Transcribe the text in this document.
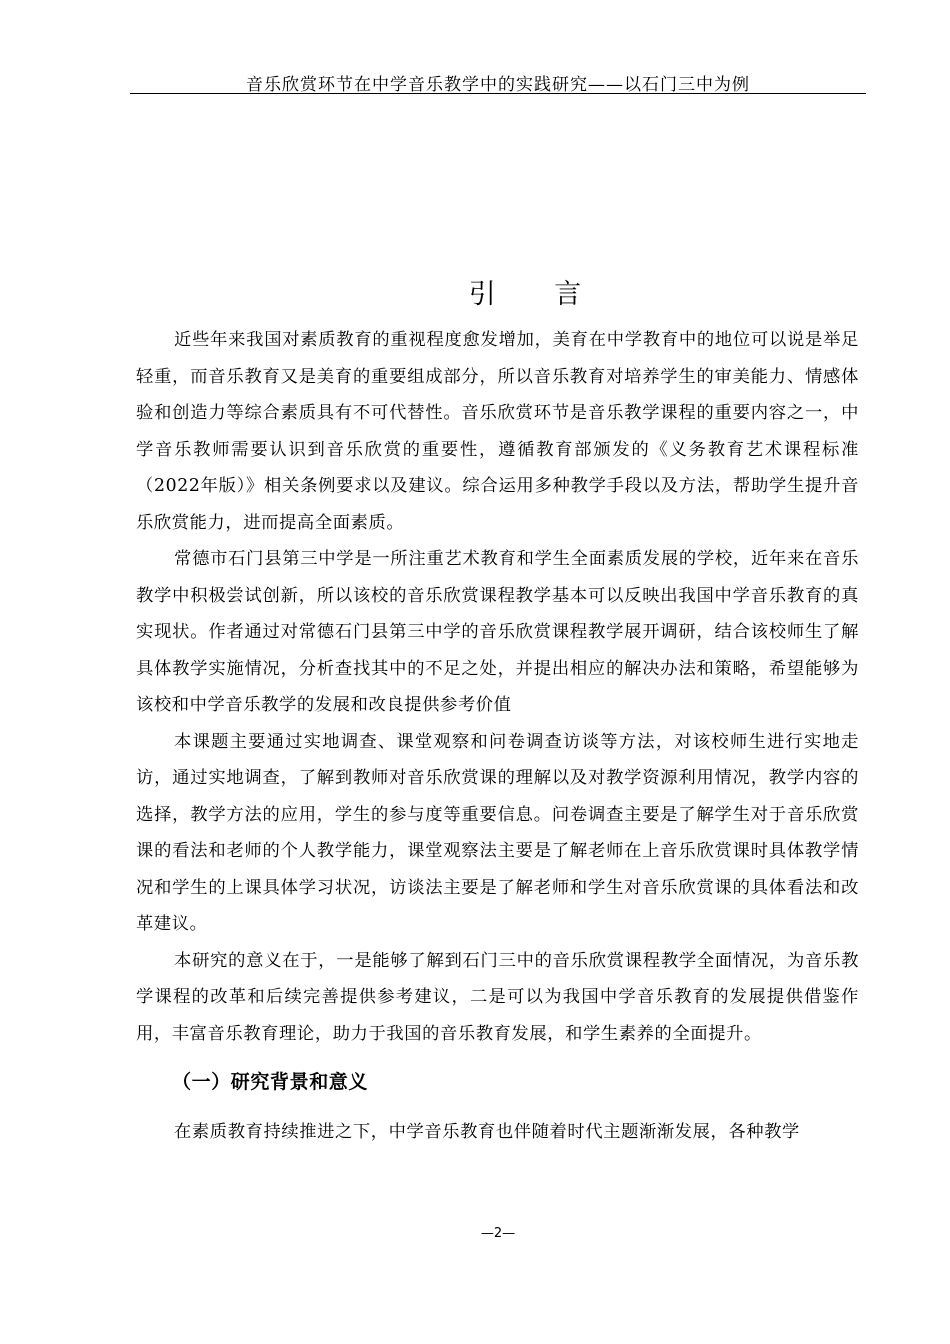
音乐欣赏环节在中学音乐教学中的实践研究——以石门三中为例
引 言

近些年来我国对素质教育的重视程度愈发增加，美育在中学教育中的地位可以说是举足轻重，而音乐教育又是美育的重要组成部分，所以音乐教育对培养学生的审美能力、情感体验和创造力等综合素质具有不可代替性。音乐欣赏环节是音乐教学课程的重要内容之一，中学音乐教师需要认识到音乐欣赏的重要性，遵循教育部颁发的《义务教育艺术课程标准（2022年版）》相关条例要求以及建议。综合运用多种教学手段以及方法，帮助学生提升音乐欣赏能力，进而提高全面素质。

常德市石门县第三中学是一所注重艺术教育和学生全面素质发展的学校，近年来在音乐教学中积极尝试创新，所以该校的音乐欣赏课程教学基本可以反映出我国中学音乐教育的真实现状。作者通过对常德石门县第三中学的音乐欣赏课程教学展开调研，结合该校师生了解具体教学实施情况，分析查找其中的不足之处，并提出相应的解决办法和策略，希望能够为该校和中学音乐教学的发展和改良提供参考价值

本课题主要通过实地调查、课堂观察和问卷调查访谈等方法，对该校师生进行实地走访，通过实地调查，了解到教师对音乐欣赏课的理解以及对教学资源利用情况，教学内容的选择，教学方法的应用，学生的参与度等重要信息。问卷调查主要是了解学生对于音乐欣赏课的看法和老师的个人教学能力，课堂观察法主要是了解老师在上音乐欣赏课时具体教学情况和学生的上课具体学习状况，访谈法主要是了解老师和学生对音乐欣赏课的具体看法和改革建议。

本研究的意义在于，一是能够了解到石门三中的音乐欣赏课程教学全面情况，为音乐教学课程的改革和后续完善提供参考建议，二是可以为我国中学音乐教育的发展提供借鉴作用，丰富音乐教育理论，助力于我国的音乐教育发展，和学生素养的全面提升。

（一）研究背景和意义

在素质教育持续推进之下，中学音乐教育也伴随着时代主题渐渐发展，各种教学

—2—
